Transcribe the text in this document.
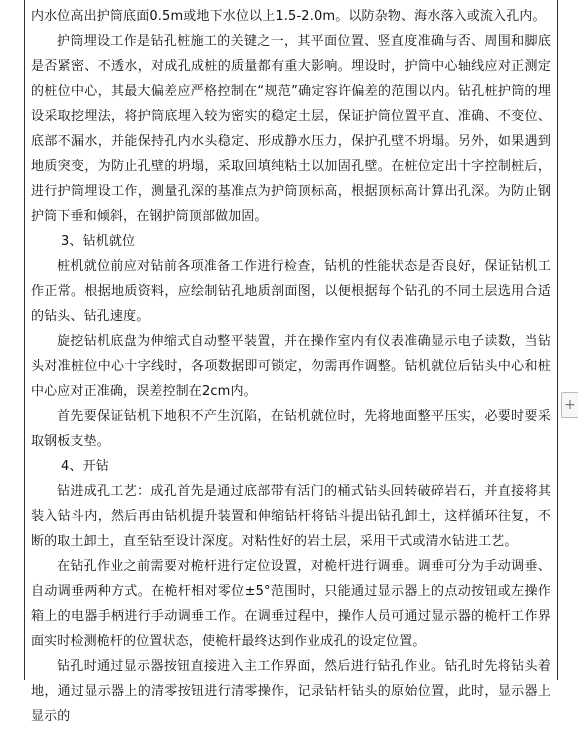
内水位高出护筒底面0.5m或地下水位以上1.5-2.0m。以防杂物、海水落入或流入孔内。

护筒埋设工作是钻孔桩施工的关键之一，其平面位置、竖直度准确与否、周围和脚底是否紧密、不透水，对成孔成桩的质量都有重大影响。埋设时，护筒中心轴线应对正测定的桩位中心，其最大偏差应严格控制在“规范”确定容许偏差的范围以内。钻孔桩护筒的埋设采取挖埋法，将护筒底埋入较为密实的稳定土层，保证护筒位置平直、准确、不变位、底部不漏水，并能保持孔内水头稳定、形成静水压力，保护孔壁不坍塌。另外，如果遇到地质突变，为防止孔壁的坍塌，采取回填纯粘土以加固孔壁。在桩位定出十字控制桩后，进行护筒埋设工作，测量孔深的基准点为护筒顶标高，根据顶标高计算出孔深。为防止钢护筒下垂和倾斜，在钢护筒顶部做加固。

3、钻机就位

桩机就位前应对钻前各项准备工作进行检查，钻机的性能状态是否良好，保证钻机工作正常。根据地质资料，应绘制钻孔地质剖面图，以便根据每个钻孔的不同土层选用合适的钻头、钻孔速度。

旋挖钻机底盘为伸缩式自动整平装置，并在操作室内有仪表准确显示电子读数，当钻头对准桩位中心十字线时，各项数据即可锁定，勿需再作调整。钻机就位后钻头中心和桩中心应对正准确，误差控制在2cm内。

首先要保证钻机下地积不产生沉陷，在钻机就位时，先将地面整平压实，必要时要采取钢板支垫。

4、开钻

钻进成孔工艺：成孔首先是通过底部带有活门的桶式钻头回转破碎岩石，并直接将其装入钻斗内，然后再由钻机提升装置和伸缩钻杆将钻斗提出钻孔卸土，这样循环往复，不断的取土卸土，直至钻至设计深度。对粘性好的岩土层，采用干式或清水钻进工艺。

在钻孔作业之前需要对桅杆进行定位设置，对桅杆进行调垂。调垂可分为手动调垂、自动调垂两种方式。在桅杆相对零位±5°范围时，只能通过显示器上的点动按钮或左操作箱上的电器手柄进行手动调垂工作。在调垂过程中，操作人员可通过显示器的桅杆工作界面实时检测桅杆的位置状态，使桅杆最终达到作业成孔的设定位置。

钻孔时通过显示器按钮直接进入主工作界面，然后进行钻孔作业。钻孔时先将钻头着地，通过显示器上的清零按钮进行清零操作，记录钻杆钻头的原始位置，此时，显示器上显示的

+
